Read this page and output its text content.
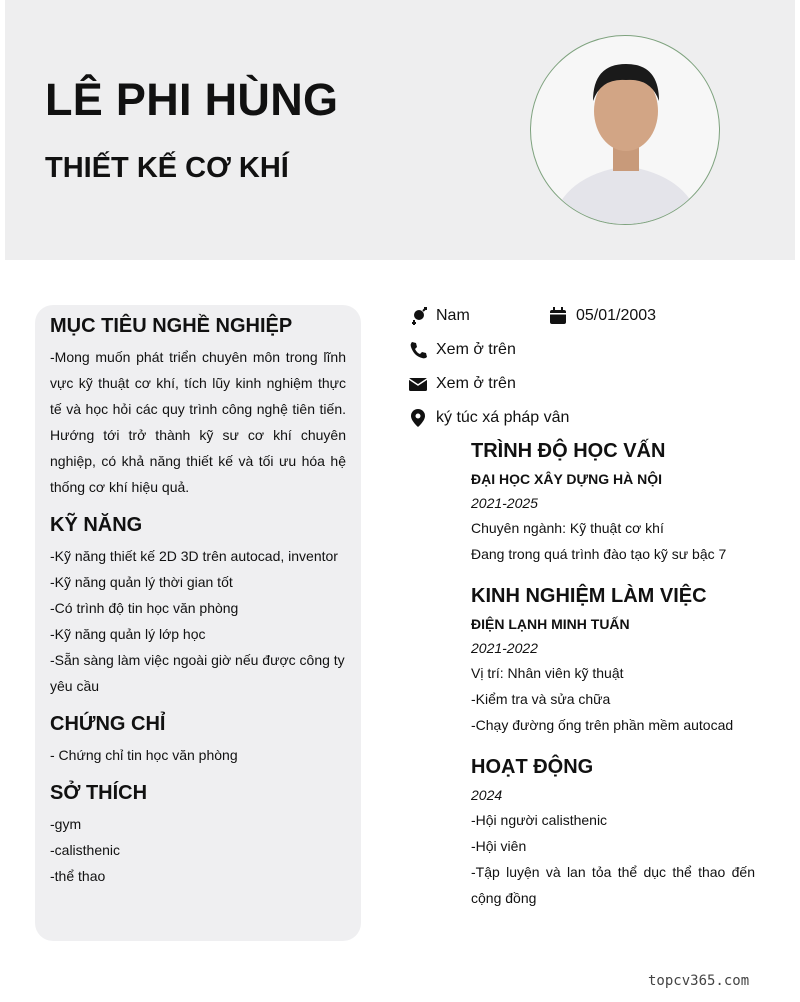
LÊ PHI HÙNG
THIẾT KẾ CƠ KHÍ
Nam	05/01/2003
Xem ở trên
Xem ở trên
ký túc xá pháp vân
MỤC TIÊU NGHỀ NGHIỆP
-Mong muốn phát triển chuyên môn trong lĩnh vực kỹ thuật cơ khí, tích lũy kinh nghiệm thực tế và học hỏi các quy trình công nghệ tiên tiến. Hướng tới trở thành kỹ sư cơ khí chuyên nghiệp, có khả năng thiết kế và tối ưu hóa hệ thống cơ khí hiệu quả.
KỸ NĂNG
-Kỹ năng thiết kế 2D 3D trên autocad, inventor
-Kỹ năng quản lý thời gian tốt
-Có trình độ tin học văn phòng
-Kỹ năng quản lý lớp học
-Sẵn sàng làm việc ngoài giờ nếu được công ty yêu cầu
CHỨNG CHỈ
- Chứng chỉ tin học văn phòng
SỞ THÍCH
-gym
-calisthenic
-thể thao
TRÌNH ĐỘ HỌC VẤN
ĐẠI HỌC XÂY DỰNG HÀ NỘI
2021-2025
Chuyên ngành: Kỹ thuật cơ khí
Đang trong quá trình đào tạo kỹ sư bậc 7
KINH NGHIỆM LÀM VIỆC
ĐIỆN LẠNH MINH TUẤN
2021-2022
Vị trí: Nhân viên kỹ thuật
-Kiểm tra và sửa chữa
-Chạy đường ống trên phần mềm autocad
HOẠT ĐỘNG
2024
-Hội người calisthenic
-Hội viên
-Tập luyện và lan tỏa thể dục thể thao đến cộng đồng
topcv365.com
